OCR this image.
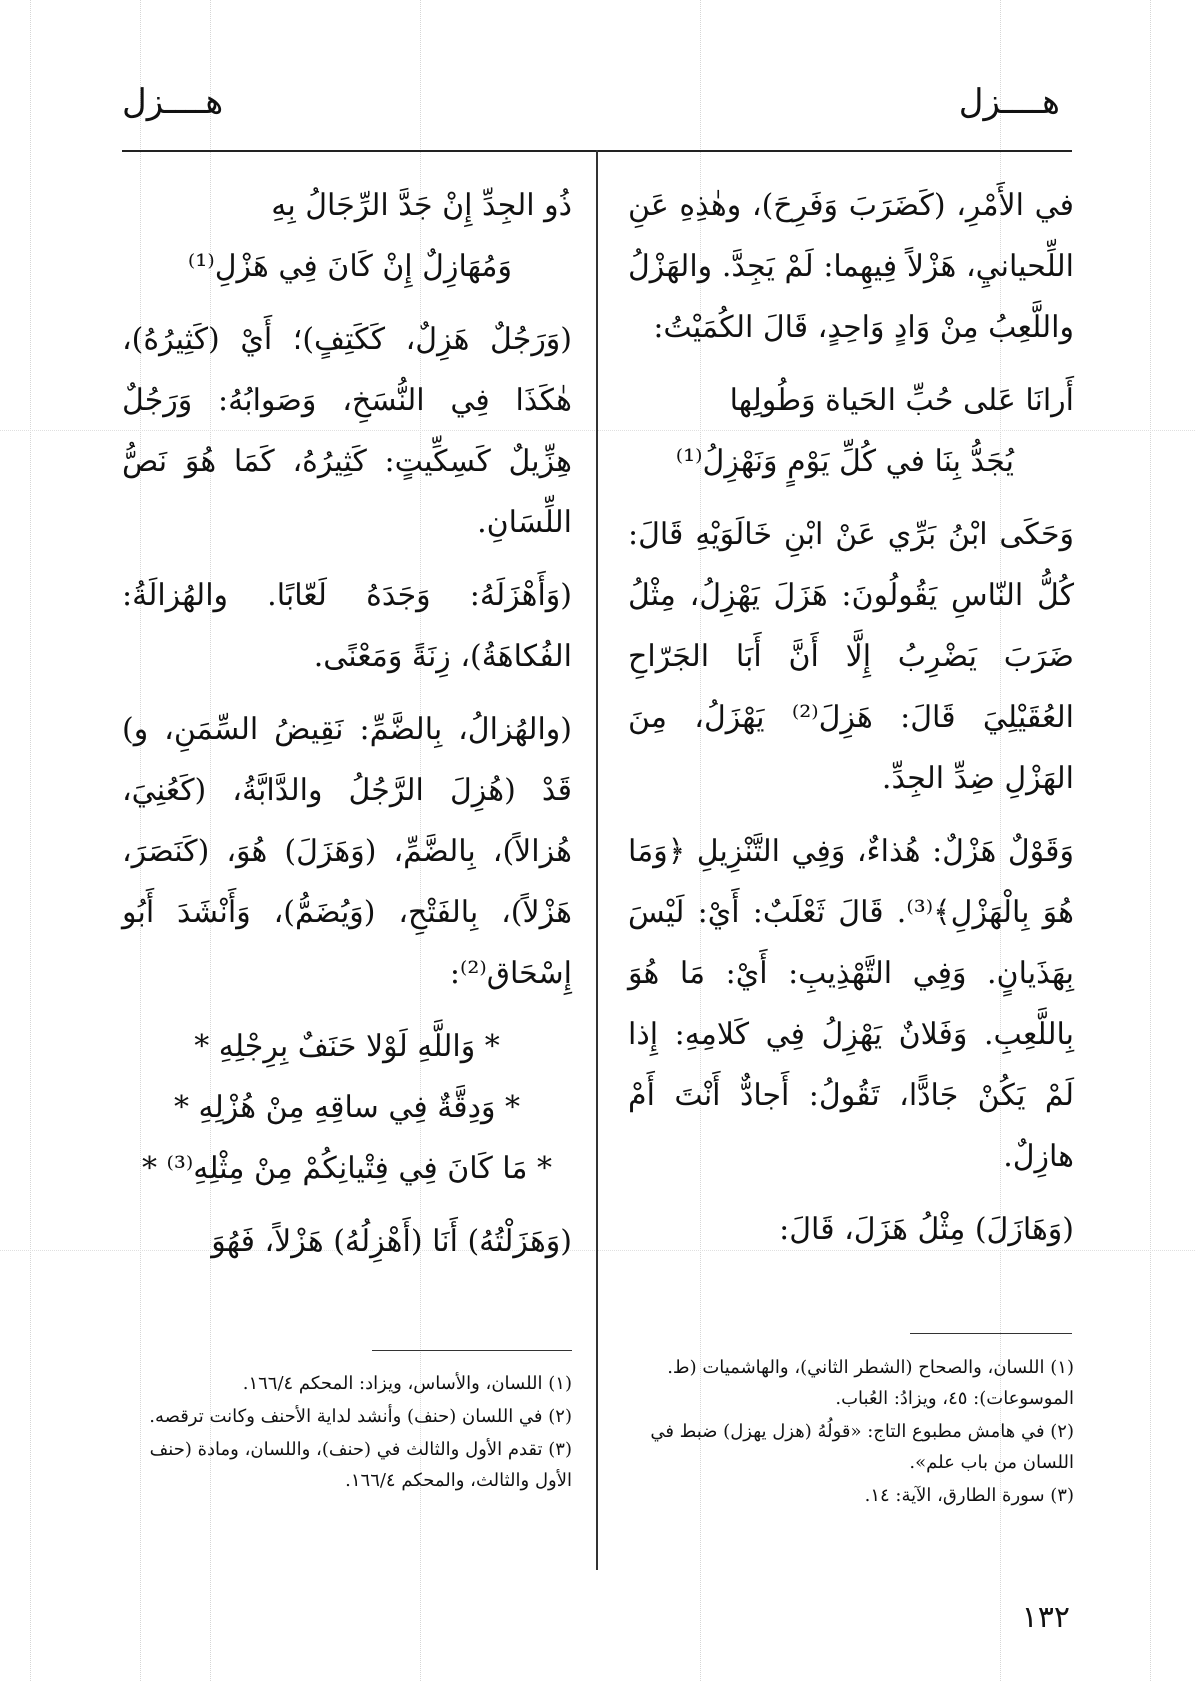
هــــزل
هــــزل

في الأَمْرِ، (كَضَرَبَ وَفَرِحَ)، وهٰذِهِ عَنِ اللِّحيانيِ، هَزْلاً فِيهِما: لَمْ يَجِدَّ. والهَزْلُ واللَّعِبُ مِنْ وَادٍ وَاحِدٍ، قَالَ الكُمَيْتُ:

أَرانَا عَلى حُبِّ الحَياة وَطُولِها

يُجَدُّ بِنَا في كُلِّ يَوْمٍ وَنَهْزِلُ⁽¹⁾

وَحَكَى ابْنُ بَرِّي عَنْ ابْنِ خَالَوَيْهِ قَالَ: كُلُّ النّاسِ يَقُولُونَ: هَزَلَ يَهْزِلُ، مِثْلُ ضَرَبَ يَضْرِبُ إِلَّا أَنَّ أَبَا الجَرّاحِ العُقَيْلِيَ قَالَ: هَزِلَ⁽²⁾ يَهْزَلُ، مِنَ الهَزْلِ ضِدِّ الجِدِّ.

وَقَوْلٌ هَزْلٌ: هُذاءٌ، وَفِي التَّنْزِيلِ ﴿وَمَا هُوَ بِالْهَزْلِ﴾⁽³⁾. قَالَ ثَعْلَبٌ: أَيْ: لَيْسَ بِهَذَيانٍ. وَفِي التَّهْذِيبِ: أَيْ: مَا هُوَ بِاللَّعِبِ. وَفَلانٌ يَهْزِلُ فِي كَلامِهِ: إِذا لَمْ يَكُنْ جَادًّا، تَقُولُ: أَجادٌّ أَنْتَ أَمْ هازِلٌ.

(وَهَازَلَ) مِثْلُ هَزَلَ، قَالَ:

ذُو الجِدِّ إِنْ جَدَّ الرِّجَالُ بِهِ

وَمُهَازِلٌ إِنْ كَانَ فِي هَزْلِ⁽¹⁾

(وَرَجُلٌ هَزِلٌ، كَكَتِفٍ)؛ أَيْ (كَثِيرُهُ)، هٰكَذَا فِي النُّسَخِ، وَصَوابُهُ: وَرَجُلٌ هِزِّيلٌ كَسِكِّيتٍ: كَثِيرُهُ، كَمَا هُوَ نَصُّ اللِّسَانِ.

(وَأَهْزَلَهُ: وَجَدَهُ لَعّابًا. والهُزالَةُ: الفُكاهَةُ)، زِنَةً وَمَعْنًى.

(والهُزالُ، بِالضَّمِّ: نَقِيضُ السِّمَنِ، و) قَدْ (هُزِلَ الرَّجُلُ والدَّابَّةُ، (كَعُنِيَ، هُزالاً)، بِالضَّمِّ، (وَهَزَلَ) هُوَ، (كَنَصَرَ، هَزْلاً)، بِالفَتْحِ، (وَيُضَمُّ)، وَأَنْشَدَ أَبُو إِسْحَاق⁽²⁾:

* وَاللَّهِ لَوْلا حَنَفٌ بِرِجْلِهِ *

* وَدِقَّةٌ فِي ساقِهِ مِنْ هُزْلِهِ *

* مَا كَانَ فِي فِتْيانِكُمْ مِنْ مِثْلِهِ⁽³⁾ *

(وَهَزَلْتُهُ) أَنَا (أَهْزِلُهُ) هَزْلاً، فَهُوَ

(١) اللسان، والصحاح (الشطر الثاني)، والهاشميات (ط. الموسوعات): ٤٥، ويزادُ: العُباب.

(٢) في هامش مطبوع التاج: «قولُهُ (هزل يهزل) ضبط في اللسان من باب علم».

(٣) سورة الطارق، الآية: ١٤.

(١) اللسان، والأساس، ويزاد: المحكم ١٦٦/٤.

(٢) في اللسان (حنف) وأنشد لداية الأحنف وكانت ترقصه.

(٣) تقدم الأول والثالث في (حنف)، واللسان، ومادة (حنف الأول والثالث، والمحكم ١٦٦/٤.

١٣٢
